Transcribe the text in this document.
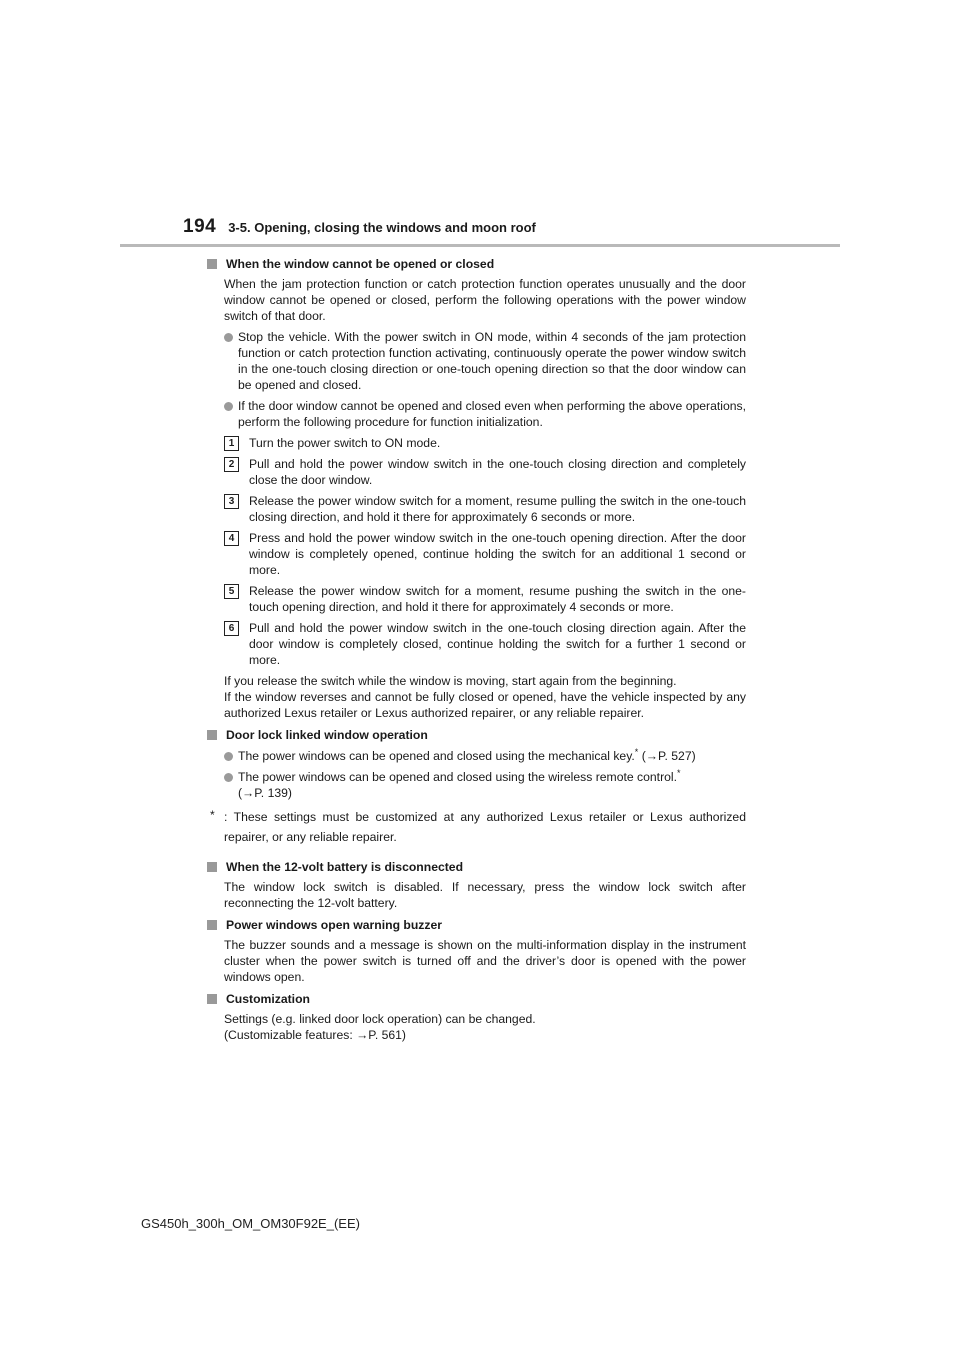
194 3-5. Opening, closing the windows and moon roof
When the window cannot be opened or closed
When the jam protection function or catch protection function operates unusually and the door window cannot be opened or closed, perform the following operations with the power window switch of that door.
Stop the vehicle. With the power switch in ON mode, within 4 seconds of the jam protection function or catch protection function activating, continuously operate the power window switch in the one-touch closing direction or one-touch opening direction so that the door window can be opened and closed.
If the door window cannot be opened and closed even when performing the above operations, perform the following procedure for function initialization.
1	Turn the power switch to ON mode.
2	Pull and hold the power window switch in the one-touch closing direction and completely close the door window.
3	Release the power window switch for a moment, resume pulling the switch in the one-touch closing direction, and hold it there for approximately 6 seconds or more.
4	Press and hold the power window switch in the one-touch opening direction. After the door window is completely opened, continue holding the switch for an additional 1 second or more.
5	Release the power window switch for a moment, resume pushing the switch in the one-touch opening direction, and hold it there for approximately 4 seconds or more.
6	Pull and hold the power window switch in the one-touch closing direction again. After the door window is completely closed, continue holding the switch for a further 1 second or more.
If you release the switch while the window is moving, start again from the beginning.
If the window reverses and cannot be fully closed or opened, have the vehicle inspected by any authorized Lexus retailer or Lexus authorized repairer, or any reliable repairer.
Door lock linked window operation
The power windows can be opened and closed using the mechanical key.* (→P. 527)
The power windows can be opened and closed using the wireless remote control.*
(→P. 139)
* : These settings must be customized at any authorized Lexus retailer or Lexus authorized repairer, or any reliable repairer.
When the 12-volt battery is disconnected
The window lock switch is disabled. If necessary, press the window lock switch after reconnecting the 12-volt battery.
Power windows open warning buzzer
The buzzer sounds and a message is shown on the multi-information display in the instrument cluster when the power switch is turned off and the driver’s door is opened with the power windows open.
Customization
Settings (e.g. linked door lock operation) can be changed.
(Customizable features: →P. 561)
GS450h_300h_OM_OM30F92E_(EE)
